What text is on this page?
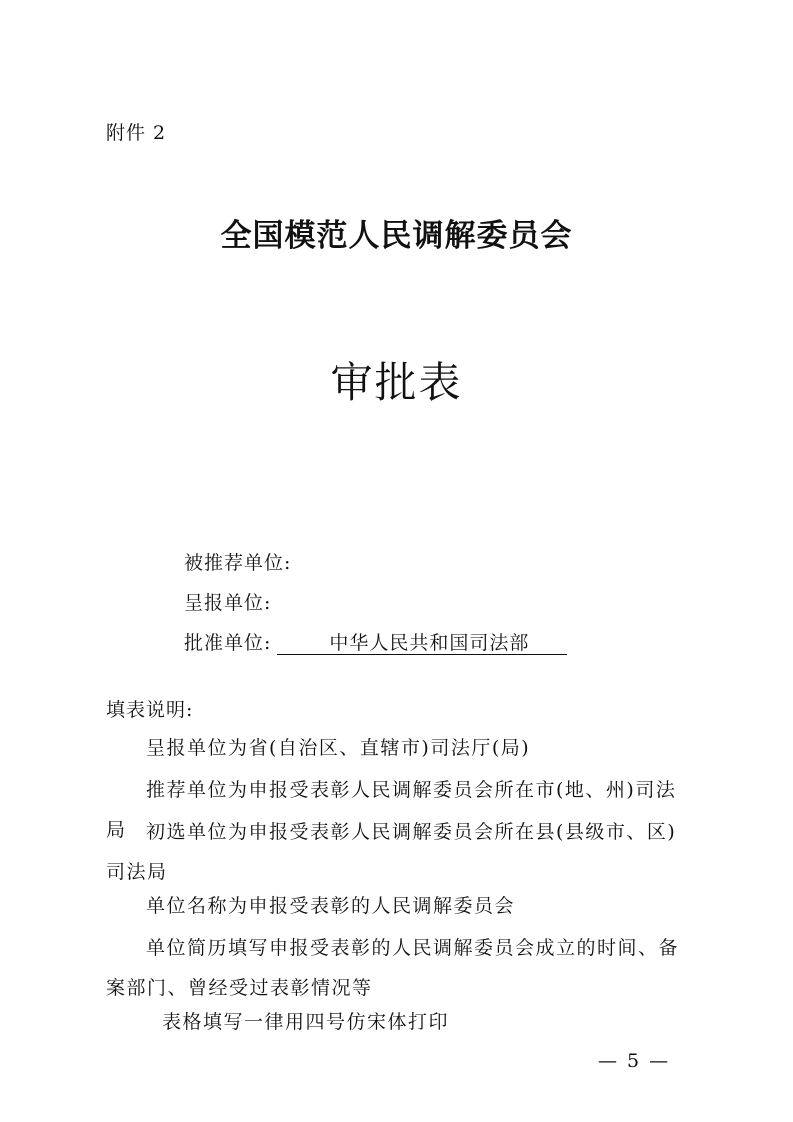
附件 2
全国模范人民调解委员会
审批表
被推荐单位:
呈报单位:
批准单位:	中华人民共和国司法部
填表说明:
呈报单位为省(自治区、直辖市)司法厅(局)
推荐单位为申报受表彰人民调解委员会所在市(地、州)司法局	初选单位为申报受表彰人民调解委员会所在县(县级市、区)司法局
单位名称为申报受表彰的人民调解委员会
单位简历填写申报受表彰的人民调解委员会成立的时间、备案部门、曾经受过表彰情况等
表格填写一律用四号仿宋体打印
— 5 —
